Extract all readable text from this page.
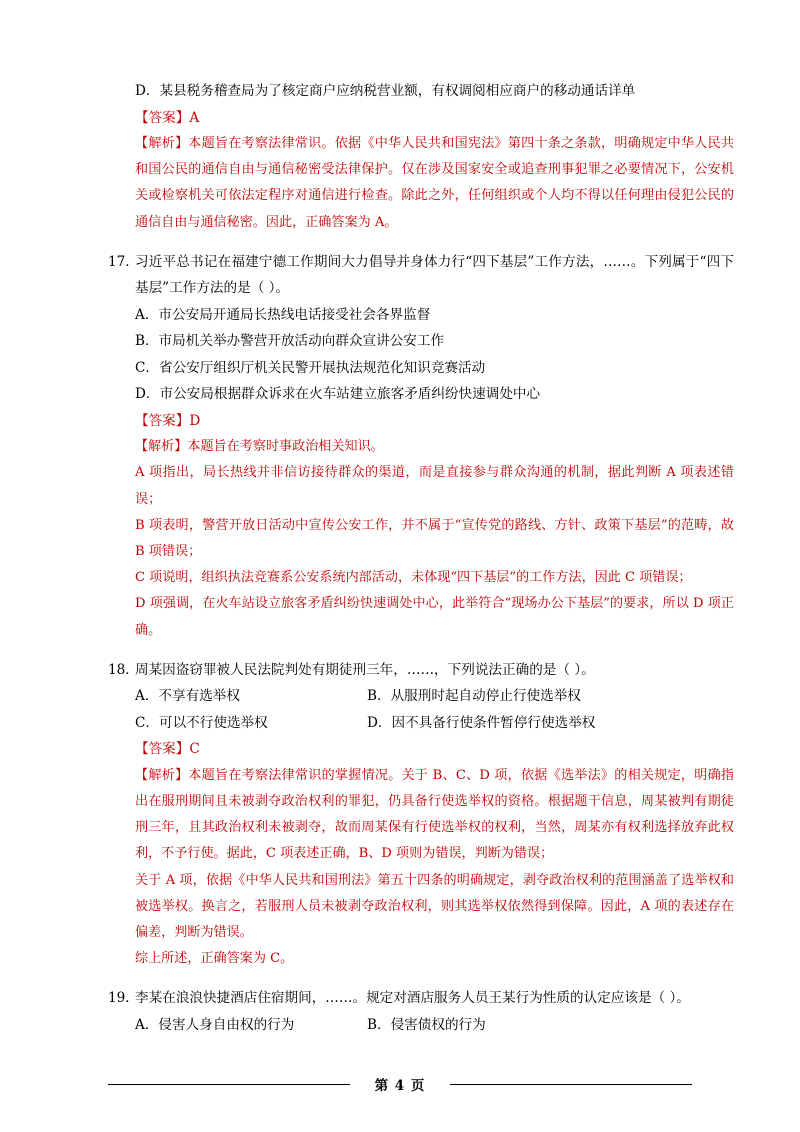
D．某县税务稽查局为了核定商户应纳税营业额，有权调阅相应商户的移动通话详单

【答案】A

【解析】本题旨在考察法律常识。依据《中华人民共和国宪法》第四十条之条款，明确规定中华人民共和国公民的通信自由与通信秘密受法律保护。仅在涉及国家安全或追查刑事犯罪之必要情况下，公安机关或检察机关可依法定程序对通信进行检查。除此之外，任何组织或个人均不得以任何理由侵犯公民的通信自由与通信秘密。因此，正确答案为 A。

17．
习近平总书记在福建宁德工作期间大力倡导并身体力行“四下基层”工作方法，……。下列属于“四下基层”工作方法的是（ ）。

A．市公安局开通局长热线电话接受社会各界监督

B．市局机关举办警营开放活动向群众宣讲公安工作

C．省公安厅组织厅机关民警开展执法规范化知识竞赛活动

D．市公安局根据群众诉求在火车站建立旅客矛盾纠纷快速调处中心

【答案】D

【解析】本题旨在考察时事政治相关知识。

A 项指出，局长热线并非信访接待群众的渠道，而是直接参与群众沟通的机制，据此判断 A 项表述错误；

B 项表明，警营开放日活动中宣传公安工作，并不属于“宣传党的路线、方针、政策下基层”的范畴，故 B 项错误；

C 项说明，组织执法竞赛系公安系统内部活动，未体现“四下基层”的工作方法，因此 C 项错误；

D 项强调，在火车站设立旅客矛盾纠纷快速调处中心，此举符合“现场办公下基层”的要求，所以 D 项正确。

18．
周某因盗窃罪被人民法院判处有期徒刑三年，……，下列说法正确的是（ ）。
A．不享有选举权	B．从服刑时起自动停止行使选举权
C．可以不行使选举权	D．因不具备行使条件暂停行使选举权

【答案】C

【解析】本题旨在考察法律常识的掌握情况。关于 B、C、D 项，依据《选举法》的相关规定，明确指出在服刑期间且未被剥夺政治权利的罪犯，仍具备行使选举权的资格。根据题干信息，周某被判有期徒刑三年，且其政治权利未被剥夺，故而周某保有行使选举权的权利，当然，周某亦有权利选择放弃此权利，不予行使。据此，C 项表述正确，B、D 项则为错误，判断为错误；

关于 A 项，依据《中华人民共和国刑法》第五十四条的明确规定，剥夺政治权利的范围涵盖了选举权和被选举权。换言之，若服刑人员未被剥夺政治权利，则其选举权依然得到保障。因此，A 项的表述存在偏差，判断为错误。

综上所述，正确答案为 C。

19．
李某在浪浪快捷酒店住宿期间，……。规定对酒店服务人员王某行为性质的认定应该是（ ）。
A．侵害人身自由权的行为	B．侵害债权的行为
第 4 页
